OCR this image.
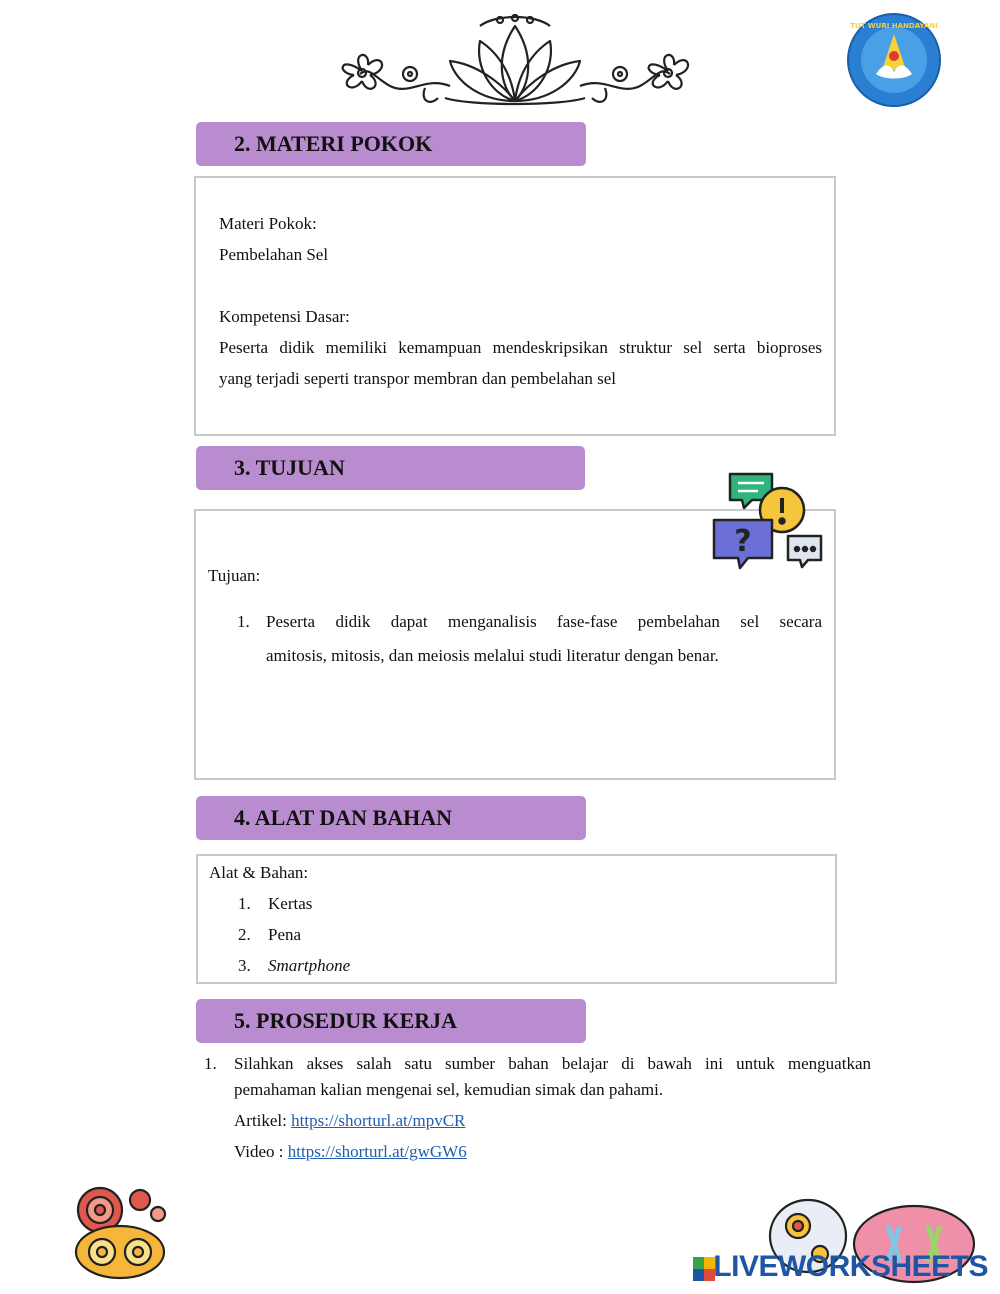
TUT WURI HANDAYANI
2. MATERI POKOK
Materi Pokok:
Pembelahan Sel
Kompetensi Dasar:
Peserta didik memiliki kemampuan mendeskripsikan struktur sel serta bioproses
yang terjadi seperti transpor membran dan pembelahan sel
3. TUJUAN
?
Tujuan:
1. Peserta didik dapat menganalisis fase-fase pembelahan sel secara
amitosis, mitosis, dan meiosis melalui studi literatur dengan benar.
4. ALAT DAN BAHAN
Alat & Bahan:
1. Kertas
2. Pena
3. Smartphone
5. PROSEDUR KERJA
1. Silahkan akses salah satu sumber bahan belajar di bawah ini untuk menguatkan
pemahaman kalian mengenai sel, kemudian simak dan pahami.
Artikel: https://shorturl.at/mpvCR
Video : https://shorturl.at/gwGW6
LIVEWORKSHEETS
